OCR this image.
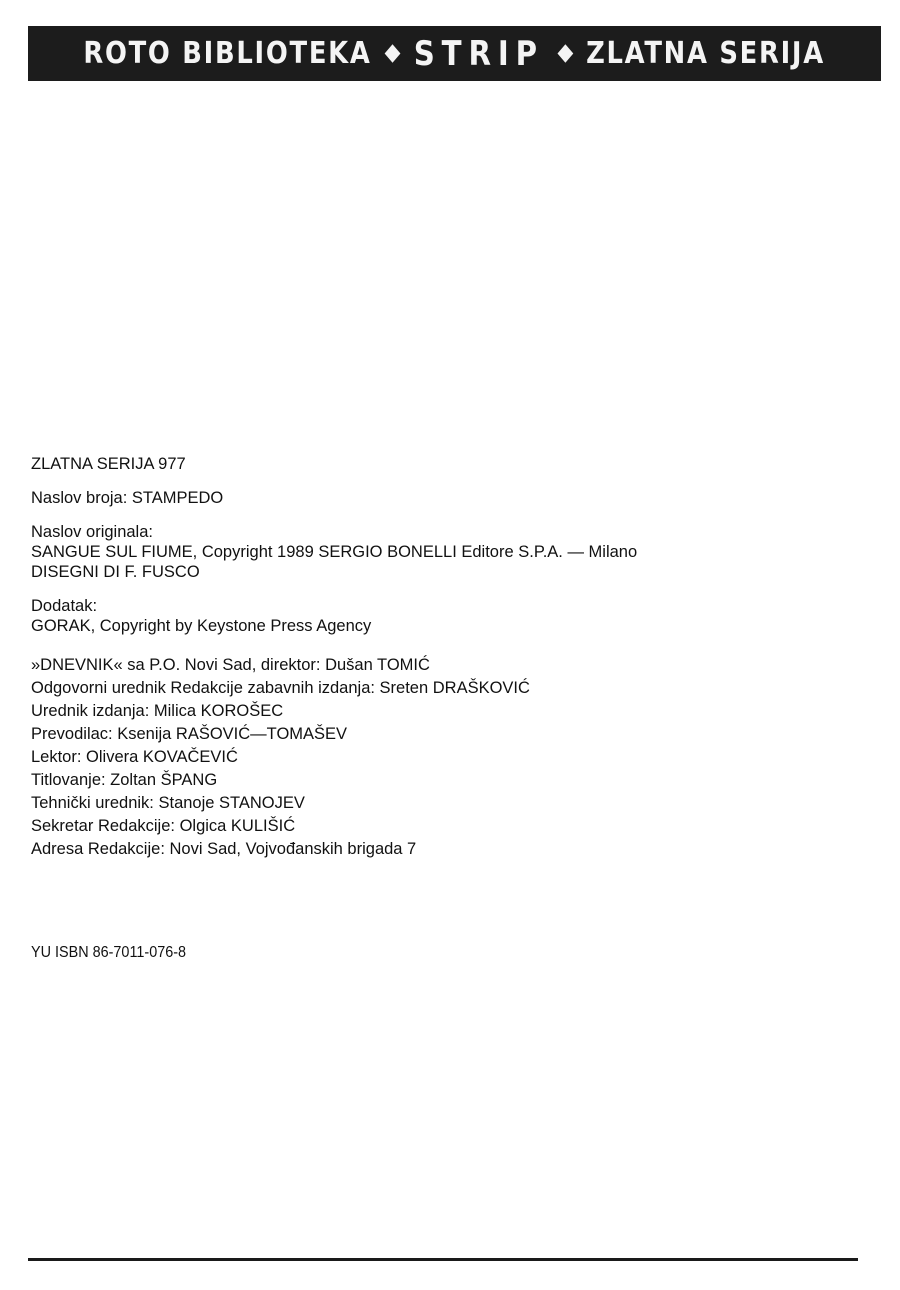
ROTO BIBLIOTEKA STRIP ZLATNA SERIJA
ZLATNA SERIJA 977
Naslov broja: STAMPEDO
Naslov originala:
SANGUE SUL FIUME, Copyright 1989 SERGIO BONELLI Editore S.P.A. — Milano
DISEGNI DI F. FUSCO
Dodatak:
GORAK, Copyright by Keystone Press Agency
»DNEVNIK« sa P.O. Novi Sad, direktor: Dušan TOMIĆ
Odgovorni urednik Redakcije zabavnih izdanja: Sreten DRAŠKOVIĆ
Urednik izdanja: Milica KOROŠEC
Prevodilac: Ksenija RAŠOVIĆ—TOMAŠEV
Lektor: Olivera KOVAČEVIĆ
Titlovanje: Zoltan ŠPANG
Tehnički urednik: Stanoje STANOJEV
Sekretar Redakcije: Olgica KULIŠIĆ
Adresa Redakcije: Novi Sad, Vojvođanskih brigada 7
YU ISBN 86-7011-076-8
